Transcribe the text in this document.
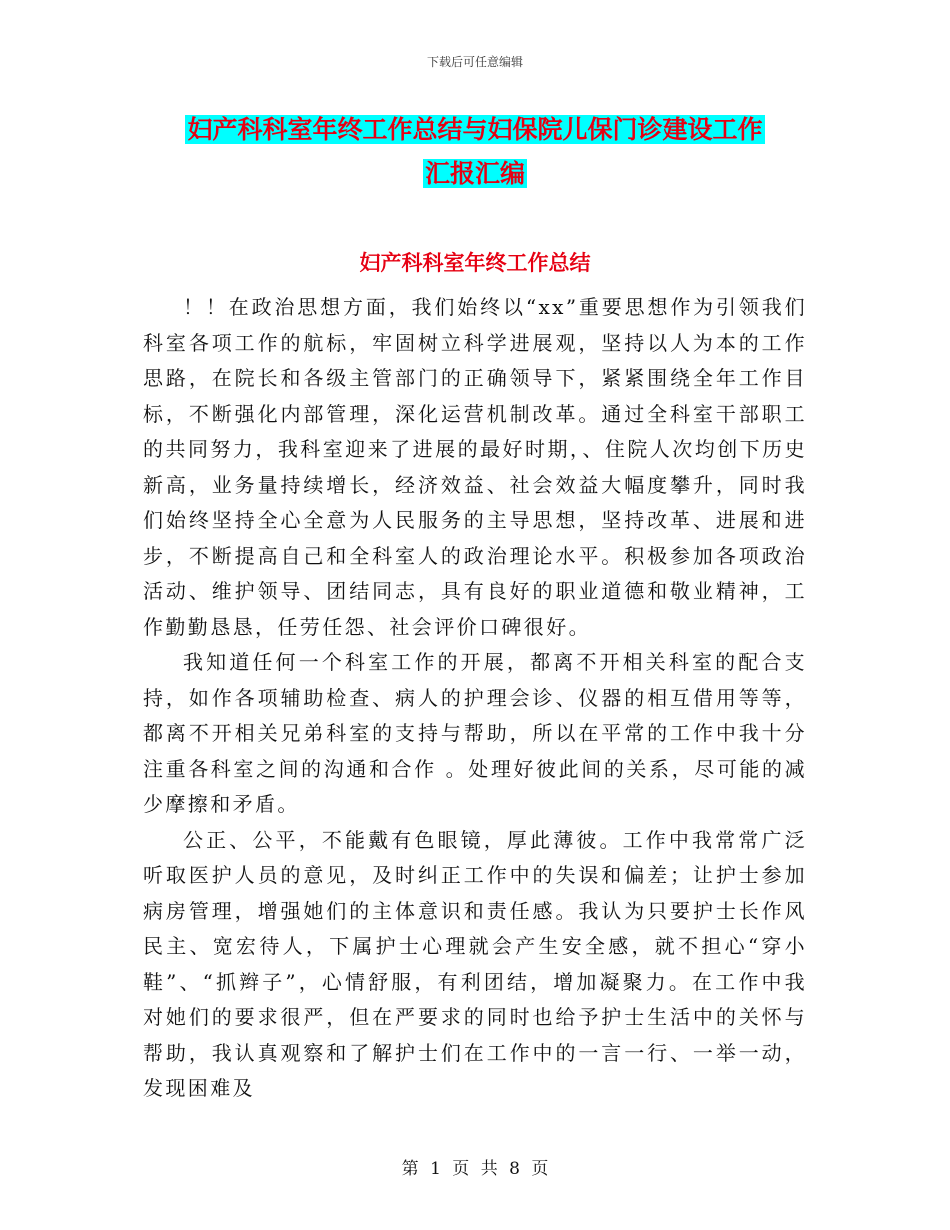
下载后可任意编辑
妇产科科室年终工作总结与妇保院儿保门诊建设工作
汇报汇编
妇产科科室年终工作总结

！！在政治思想方面，我们始终以“xx”重要思想作为引领我们科室各项工作的航标，牢固树立科学进展观，坚持以人为本的工作思路，在院长和各级主管部门的正确领导下，紧紧围绕全年工作目标，不断强化内部管理，深化运营机制改革。通过全科室干部职工的共同努力，我科室迎来了进展的最好时期，、住院人次均创下历史新高，业务量持续增长，经济效益、社会效益大幅度攀升，同时我们始终坚持全心全意为人民服务的主导思想，坚持改革、进展和进步，不断提高自己和全科室人的政治理论水平。积极参加各项政治活动、维护领导、团结同志，具有良好的职业道德和敬业精神，工作勤勤恳恳，任劳任怨、社会评价口碑很好。

我知道任何一个科室工作的开展，都离不开相关科室的配合支持，如作各项辅助检查、病人的护理会诊、仪器的相互借用等等，都离不开相关兄弟科室的支持与帮助，所以在平常的工作中我十分注重各科室之间的沟通和合作 。处理好彼此间的关系，尽可能的减少摩擦和矛盾。

公正、公平，不能戴有色眼镜，厚此薄彼。工作中我常常广泛听取医护人员的意见，及时纠正工作中的失误和偏差；让护士参加病房管理，增强她们的主体意识和责任感。我认为只要护士长作风民主、宽宏待人，下属护士心理就会产生安全感，就不担心“穿小鞋”、“抓辫子”，心情舒服，有利团结，增加凝聚力。在工作中我对她们的要求很严，但在严要求的同时也给予护士生活中的关怀与帮助，我认真观察和了解护士们在工作中的一言一行、一举一动，发现困难及

第 1 页 共 8 页
